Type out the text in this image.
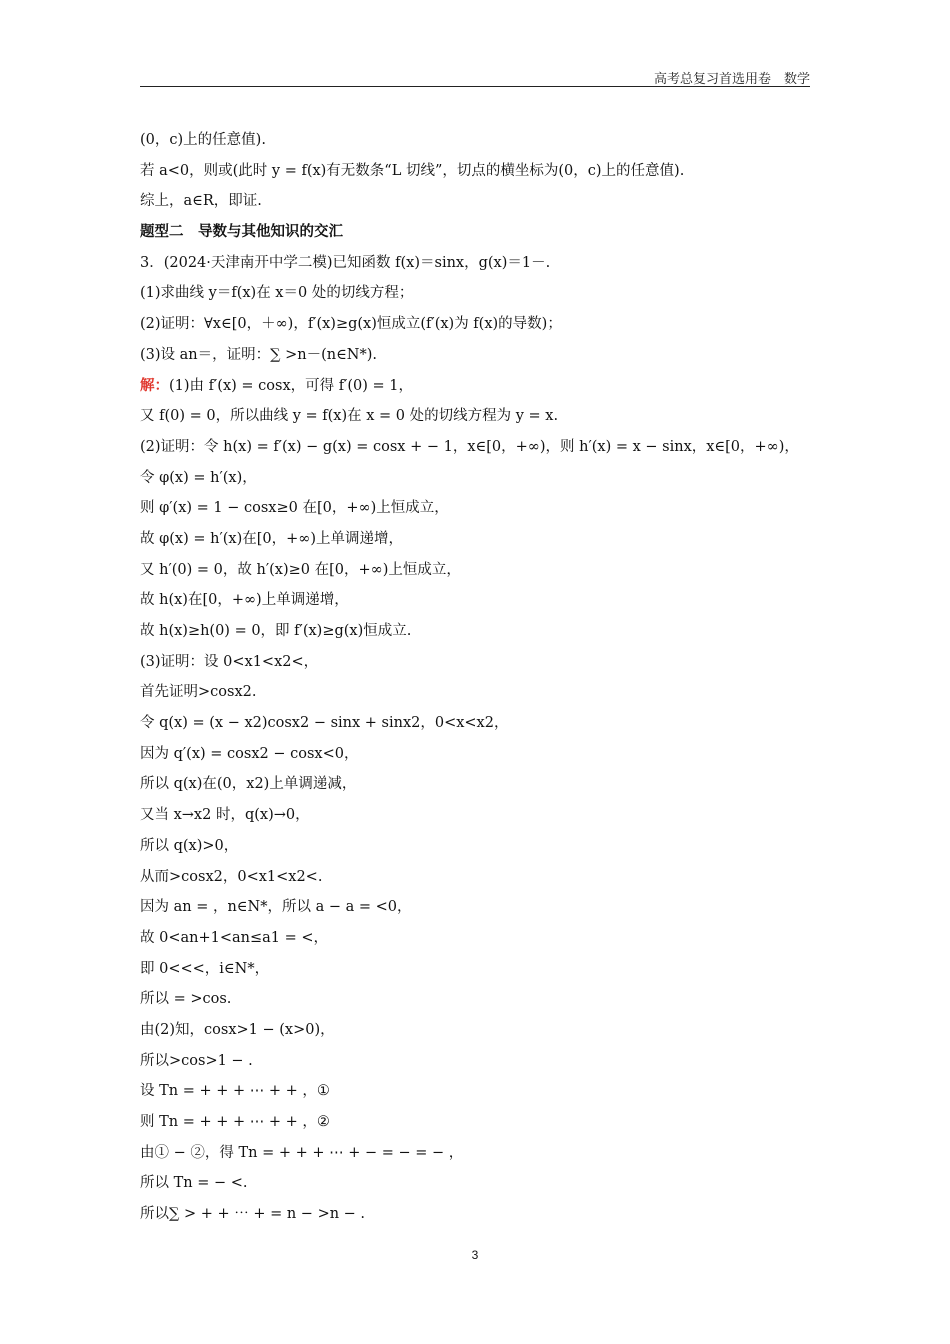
高考总复习首选用卷　数学
(0，c)上的任意值).
若 a<0，则或(此时 y = f(x)有无数条“L 切线”，切点的横坐标为(0，c)上的任意值).
综上，a∈R，即证.
题型二　导数与其他知识的交汇
3．(2024·天津南开中学二模)已知函数 f(x)＝sinx，g(x)＝1－.
(1)求曲线 y＝f(x)在 x＝0 处的切线方程；
(2)证明：∀x∈[0，＋∞)，f′(x)≥g(x)恒成立(f′(x)为 f(x)的导数)；
(3)设 an＝，证明：∑ >n－(n∈N*).
解：(1)由 f′(x) = cosx，可得 f′(0) = 1，
又 f(0) = 0，所以曲线 y = f(x)在 x = 0 处的切线方程为 y = x.
(2)证明：令 h(x) = f′(x) − g(x) = cosx + − 1，x∈[0，+∞)，则 h′(x) = x − sinx，x∈[0，+∞)，
令 φ(x) = h′(x)，
则 φ′(x) = 1 − cosx≥0 在[0，+∞)上恒成立，
故 φ(x) = h′(x)在[0，+∞)上单调递增，
又 h′(0) = 0，故 h′(x)≥0 在[0，+∞)上恒成立，
故 h(x)在[0，+∞)上单调递增，
故 h(x)≥h(0) = 0，即 f′(x)≥g(x)恒成立.
(3)证明：设 0<x1<x2<，
首先证明>cosx2.
令 q(x) = (x − x2)cosx2 − sinx + sinx2，0<x<x2，
因为 q′(x) = cosx2 − cosx<0，
所以 q(x)在(0，x2)上单调递减，
又当 x→x2 时，q(x)→0，
所以 q(x)>0，
从而>cosx2，0<x1<x2<.
因为 an = ，n∈N*，所以 a − a = <0，
故 0<an+1<an≤a1 = <，
即 0<<<，i∈N*，
所以 = >cos.
由(2)知，cosx>1 − (x>0)，
所以>cos>1 − .
设 Tn = + + + ⋯ + + ，①
则 Tn = + + + ⋯ + + ，②
由① − ②，得 Tn = + + + ⋯ + − = − = − ，
所以 Tn = − <.
所以∑ > + + ⋯ + = n − >n − .
3
